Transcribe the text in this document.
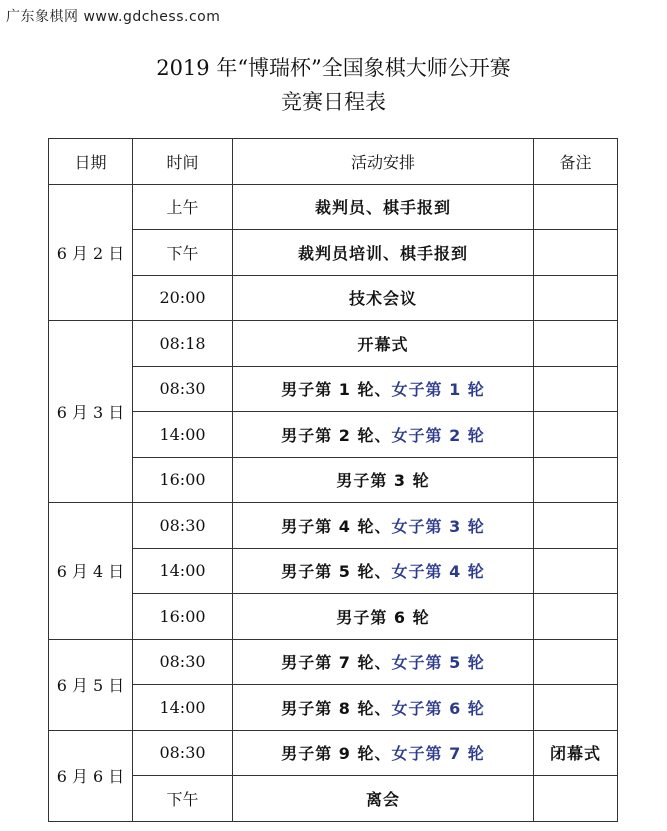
广东象棋网 www.gdchess.com
2019 年“博瑞杯”全国象棋大师公开赛
竞赛日程表
日期	时间	活动安排	备注
6 月 2 日	上午	裁判员、棋手报到	
	下午	裁判员培训、棋手报到	
	20:00	技术会议	
6 月 3 日	08:18	开幕式	
	08:30	男子第 1 轮、女子第 1 轮	
	14:00	男子第 2 轮、女子第 2 轮	
	16:00	男子第 3 轮	
6 月 4 日	08:30	男子第 4 轮、女子第 3 轮	
	14:00	男子第 5 轮、女子第 4 轮	
	16:00	男子第 6 轮	
6 月 5 日	08:30	男子第 7 轮、女子第 5 轮	
	14:00	男子第 8 轮、女子第 6 轮	
6 月 6 日	08:30	男子第 9 轮、女子第 7 轮	闭幕式
	下午	离会	
